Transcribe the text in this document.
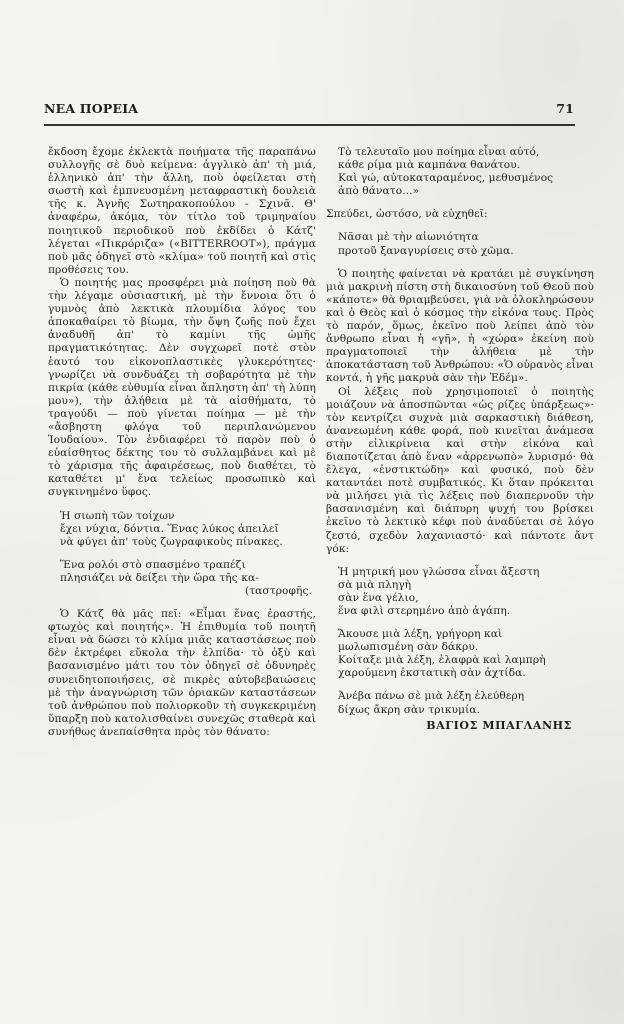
ΝΕΑ ΠΟΡΕΙΑ	71

ἔκδοση ἔχομε ἐκλεκτὰ ποιήματα τῆς παραπάνω συλλογῆς σὲ δυὸ κείμενα: ἀγγλικὸ ἀπ' τὴ μιά, ἑλληνικὸ ἀπ' τὴν ἄλλη, ποὺ ὀφείλεται στὴ σωστὴ καὶ ἐμπνευσμένη μεταφραστικὴ δουλειὰ τῆς κ. Ἀγνῆς Σωτηρακοπούλου - Σχινᾶ. Θ' ἀναφέρω, ἀκόμα, τὸν τίτλο τοῦ τριμηναίου ποιητικοῦ περιοδικοῦ ποὺ ἐκδίδει ὁ Κάτζ' λέγεται «Πικρόριζα» («BITTERROOT»), πράγμα ποὺ μᾶς ὁδηγεῖ στὸ «κλίμα» τοῦ ποιητῆ καὶ στὶς προθέσεις του.

Ὁ ποιητής μας προσφέρει μιὰ ποίηση ποὺ θὰ τὴν λέγαμε οὐσιαστική, μὲ τὴν ἔννοια ὅτι ὁ γυμνὸς ἀπὸ λεκτικὰ πλουμίδια λόγος του ἀποκαθαίρει τὸ βίωμα, τὴν ὄψη ζωῆς ποὺ ἔχει ἀναδυθῆ ἀπ' τὸ καμίνι τῆς ὠμῆς πραγματικότητας. Δὲν συγχωρεῖ ποτὲ στὸν ἑαυτό του εἰκονοπλαστικὲς γλυκερότητες· γνωρίζει νὰ συνδυάζει τὴ σοβαρότητα μὲ τὴν πικρία (κάθε εὐθυμία εἶναι ἄπληστη ἀπ' τὴ λύπη μου»), τὴν ἀλήθεια μὲ τὰ αἰσθήματα, τὸ τραγούδι — ποὺ γίνεται ποίημα — μὲ τὴν «ἄσβηστη φλόγα τοῦ περιπλανώμενου Ἰουδαίου». Τὸν ἐνδιαφέρει τὸ παρὸν ποὺ ὁ εὐαίσθητος δέκτης του τὸ συλλαμβάνει καὶ μὲ τὸ χάρισμα τῆς ἀφαιρέσεως, ποὺ διαθέτει, τὸ καταθέτει μ' ἕνα τελείως προσωπικὸ καὶ συγκινημένο ὕφος.

Ἡ σιωπὴ τῶν τοίχων
ἔχει νύχια, δόντια. Ἕνας λύκος ἀπειλεῖ
νὰ φύγει ἀπ' τοὺς ζωγραφικοὺς πίνακες.
Ἕνα ρολόι στὸ σπασμένο τραπέζι
πλησιάζει νὰ δείξει τὴν ὥρα τῆς κα-
(ταστροφῆς.

Ὁ Κάτζ θὰ μᾶς πεῖ: «Εἶμαι ἕνας ἐραστής, φτωχὸς καὶ ποιητής». Ἡ ἐπιθυμία τοῦ ποιητῆ εἶναι νὰ δώσει τὸ κλίμα μιᾶς καταστάσεως ποὺ δὲν ἐκτρέφει εὔκολα τὴν ἐλπίδα· τὸ ὀξὺ καὶ βασανισμένο μάτι του τὸν ὁδηγεῖ σὲ ὀδυνηρὲς συνειδητοποιήσεις, σὲ πικρὲς αὐτοβεβαιώσεις μὲ τὴν ἀναγνώριση τῶν ὁριακῶν καταστάσεων τοῦ ἀνθρώπου ποὺ πολιορκοῦν τὴ συγκεκριμένη ὕπαρξη ποὺ κατολισθαίνει συνεχῶς σταθερὰ καὶ συνήθως ἀνεπαίσθητα πρὸς τὸν θάνατο:

Τὸ τελευταῖο μου ποίημα εἶναι αὐτό,
κάθε ρίμα μιὰ καμπάνα θανάτου.
Καὶ γώ, αὐτοκαταραμένος, μεθυσμένος
ἀπὸ θάνατο...»

Σπεύδει, ὡστόσο, νὰ εὐχηθεῖ:

Νᾶσαι μὲ τὴν αἰωνιότητα
προτοῦ ξαναγυρίσεις στὸ χῶμα.

Ὁ ποιητὴς φαίνεται νὰ κρατάει μὲ συγκίνηση μιὰ μακρινὴ πίστη στὴ δικαιοσύνη τοῦ Θεοῦ ποὺ «κάποτε» θὰ θριαμβεύσει, γιὰ νὰ ὁλοκληρώσουν καὶ ὁ Θεὸς καὶ ὁ κόσμος τὴν εἰκόνα τους. Πρὸς τὸ παρόν, ὅμως, ἐκεῖνο ποὺ λείπει ἀπὸ τὸν ἄνθρωπο εἶναι ἡ «γῆ», ἡ «χώρα» ἐκείνη ποὺ πραγματοποιεῖ τὴν ἀλήθεια μὲ τὴν ἀποκατάσταση τοῦ Ἀνθρώπου: «Ὁ οὐρανὸς εἶναι κοντά, ἡ γῆς μακρυὰ σὰν τὴν Ἐδέμ».

Οἱ λέξεις ποὺ χρησιμοποιεῖ ὁ ποιητὴς μοιάζουν νὰ ἀποσπῶνται «ὡς ρίζες ὑπάρξεως»· τὸν κεντρίζει συχνὰ μιὰ σαρκαστικὴ διάθεση, ἀνανεωμένη κάθε φορά, ποὺ κινεῖται ἀνάμεσα στὴν εἰλικρίνεια καὶ στὴν εἰκόνα καὶ διαποτίζεται ἀπὸ ἕναν «ἀρρενωπὸ» λυρισμό· θὰ ἔλεγα, «ἐνστικτώδη» καὶ φυσικό, ποὺ δὲν καταντάει ποτὲ συμβατικός. Κι ὅταν πρόκειται νὰ μιλήσει γιὰ τὶς λέξεις ποὺ διαπερνοῦν τὴν βασανισμένη καὶ διάπυρη ψυχή του βρίσκει ἐκεῖνο τὸ λεκτικὸ κέφι ποὺ ἀναδύεται σὲ λόγο ζεστό, σχεδὸν λαχανιαστό· καὶ πάντοτε ἄντ γόκ:

Ἡ μητρική μου γλώσσα εἶναι ἄξεστη
σὰ μιὰ πληγὴ
σὰν ἕνα γέλιο,
ἕνα φιλὶ στερημένο ἀπὸ ἀγάπη.
Ἄκουσε μιὰ λέξη, γρήγορη καὶ
μωλωπισμένη σὰν δάκρυ.
Κοίταξε μιὰ λέξη, ἐλαφρὰ καὶ λαμπρὴ
χαρούμενη ἐκστατικὴ σὰν ἀχτίδα.
Ἀνέβα πάνω σὲ μιὰ λέξη ἐλεύθερη
δίχως ἄκρη σὰν τρικυμία.
ΒΑΓΙΟΣ ΜΠΑΓΛΑΝΗΣ
